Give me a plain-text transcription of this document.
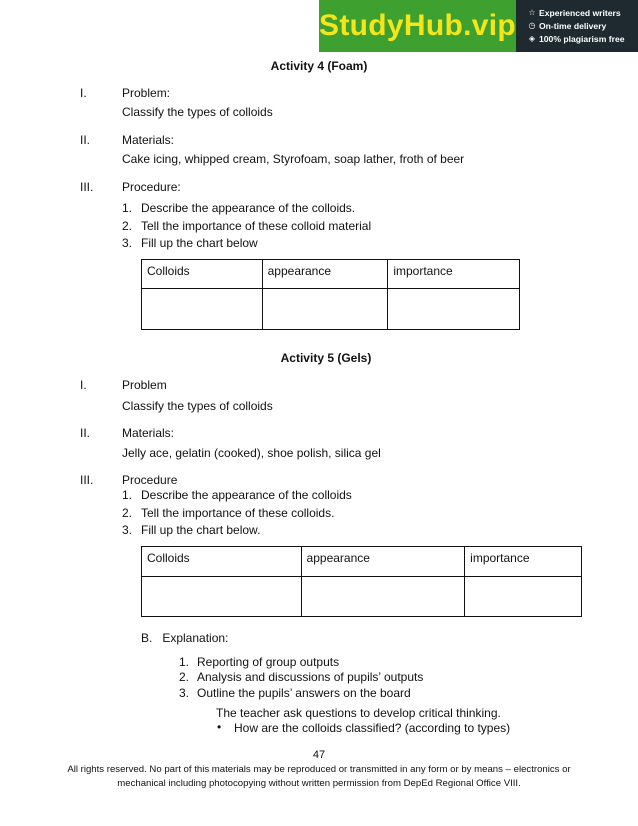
StudyHub.vip ☆ Experienced writers
◷ On-time delivery
◈ 100% plagiarism free
Activity 4 (Foam)
I.	Problem:
Classify the types of colloids
II.	Materials:
Cake icing, whipped cream, Styrofoam, soap lather, froth of beer
III. Procedure:
1. Describe the appearance of the colloids.
2. Tell the importance of these colloid material
3. Fill up the chart below
Colloids	appearance	importance

Activity 5 (Gels)
I.	Problem
Classify the types of colloids
II.	Materials:
Jelly ace, gelatin (cooked), shoe polish, silica gel
III. Procedure
1. Describe the appearance of the colloids
2. Tell the importance of these colloids.
3. Fill up the chart below.
Colloids	appearance	importance

B.   Explanation:
1. Reporting of group outputs
2. Analysis and discussions of pupils’ outputs
3. Outline the pupils’ answers on the board
The teacher ask questions to develop critical thinking.
• How are the colloids classified? (according to types)
47
All rights reserved. No part of this materials may be reproduced or transmitted in any form or by means – electronics or
mechanical including photocopying without written permission from DepEd Regional Office VIII.
